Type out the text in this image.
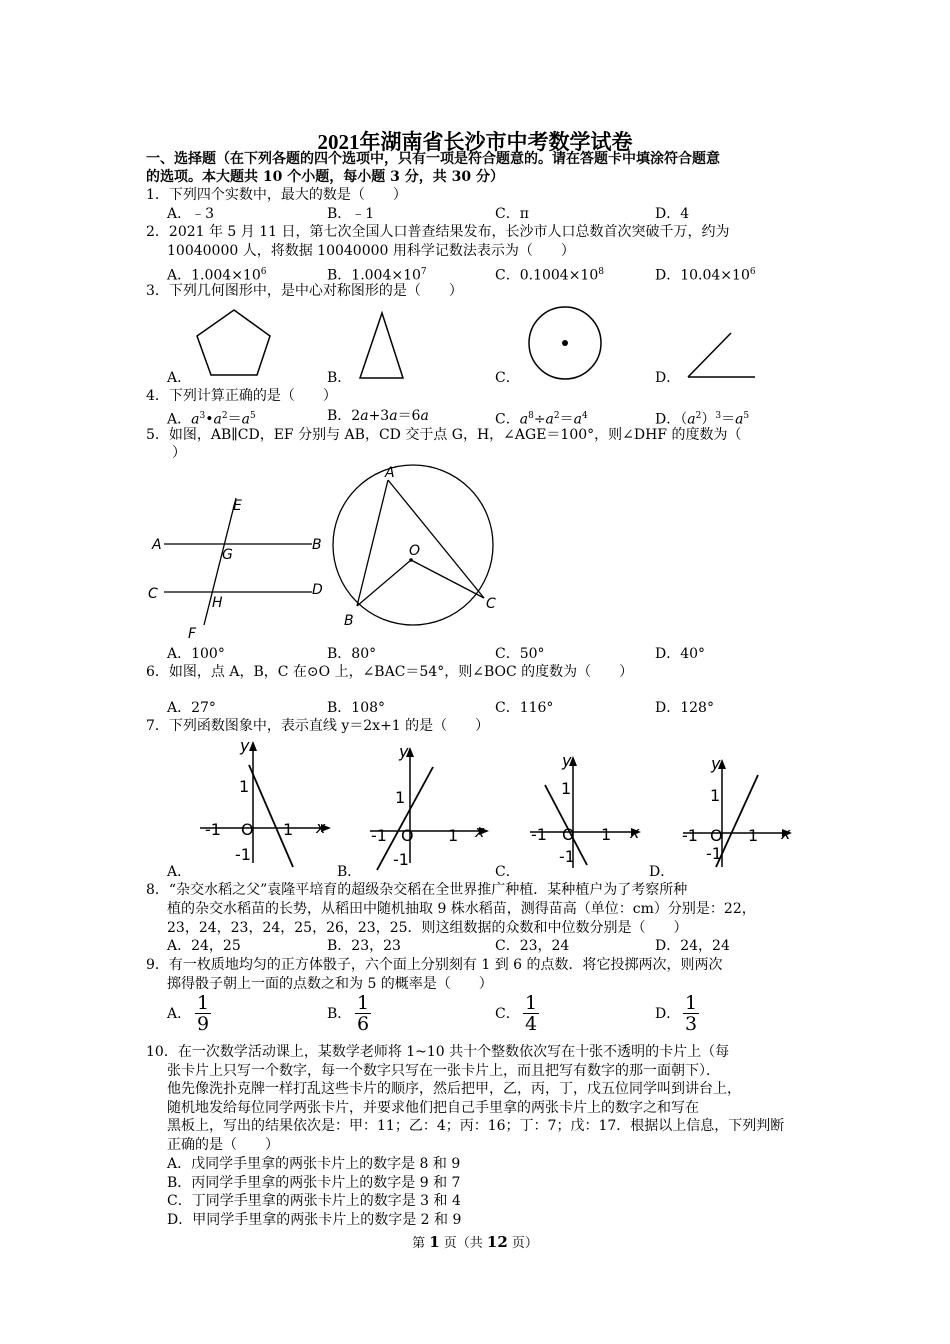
2021年湖南省长沙市中考数学试卷
一、选择题（在下列各题的四个选项中，只有一项是符合题意的。请在答题卡中填涂符合题意
的选项。本大题共 10 个小题，每小题 3 分，共 30 分）
1．下列四个实数中，最大的数是（　　）
A．﹣3	B．﹣1	C．π	D．4
2．2021 年 5 月 11 日，第七次全国人口普查结果发布，长沙市人口总数首次突破千万，约为
10040000 人，将数据 10040000 用科学记数法表示为（　　）
A．$1.004\times 10^6$	B．$1.004\times 10^7$	C．$0.1004\times 10^8$	D．$10.04\times 10^6$
3．下列几何图形中，是中心对称图形的是（　　）
A．	B．	C．	D．
4．下列计算正确的是（　　）
A．$a^3•a^2=a^5$	B．2a+3a＝6a	C．$a^8\div a^2=a^4$	D．$(a^2)^3=a^5$
5．如图，AB∥CD，EF 分别与 AB，CD 交于点 G，H，∠AGE＝100°，则∠DHF 的度数为（
）
A	B
C	D
E
F
G
H
A
B
C
O
A．100°	B．80°	C．50°	D．40°
6．如图，点 A，B，C 在⊙O 上，∠BAC＝54°，则∠BOC 的度数为（　　）
A．27°	B．108°	C．116°	D．128°
7．下列函数图象中，表示直线 y＝2x+1 的是（　　）
y
x
1
-1 O 1
-1
y
x
1
-1 O 1
-1
y
x
1
-1 O 1
-1
y
x
1
-1 O 1
-1
A．	B．	C．	D．
8．“杂交水稻之父”袁隆平培育的超级杂交稻在全世界推广种植．某种植户为了考察所种
植的杂交水稻苗的长势，从稻田中随机抽取 9 株水稻苗，测得苗高（单位：cm）分别是：22，
23，24，23，24，25，26，23，25．则这组数据的众数和中位数分别是（　　）
A．24，25	B．23，23	C．23，24	D．24，24
9．有一枚质地均匀的正方体骰子，六个面上分别刻有 1 到 6 的点数．将它投掷两次，则两次
掷得骰子朝上一面的点数之和为 5 的概率是（　　）
A． 1
9	B． 1
6	C． 1
4	D． 1
3
10．在一次数学活动课上，某数学老师将 1~10 共十个整数依次写在十张不透明的卡片上（每
张卡片上只写一个数字，每一个数字只写在一张卡片上，而且把写有数字的那一面朝下）．
他先像洗扑克牌一样打乱这些卡片的顺序，然后把甲，乙，丙，丁，戊五位同学叫到讲台上，
随机地发给每位同学两张卡片，并要求他们把自己手里拿的两张卡片上的数字之和写在
黑板上，写出的结果依次是：甲：11；乙：4；丙：16；丁：7；戊：17．根据以上信息，下列判断
正确的是（　　）
A．戊同学手里拿的两张卡片上的数字是 8 和 9
B．丙同学手里拿的两张卡片上的数字是 9 和 7
C．丁同学手里拿的两张卡片上的数字是 3 和 4
D．甲同学手里拿的两张卡片上的数字是 2 和 9
第 1 页（共 12 页）
